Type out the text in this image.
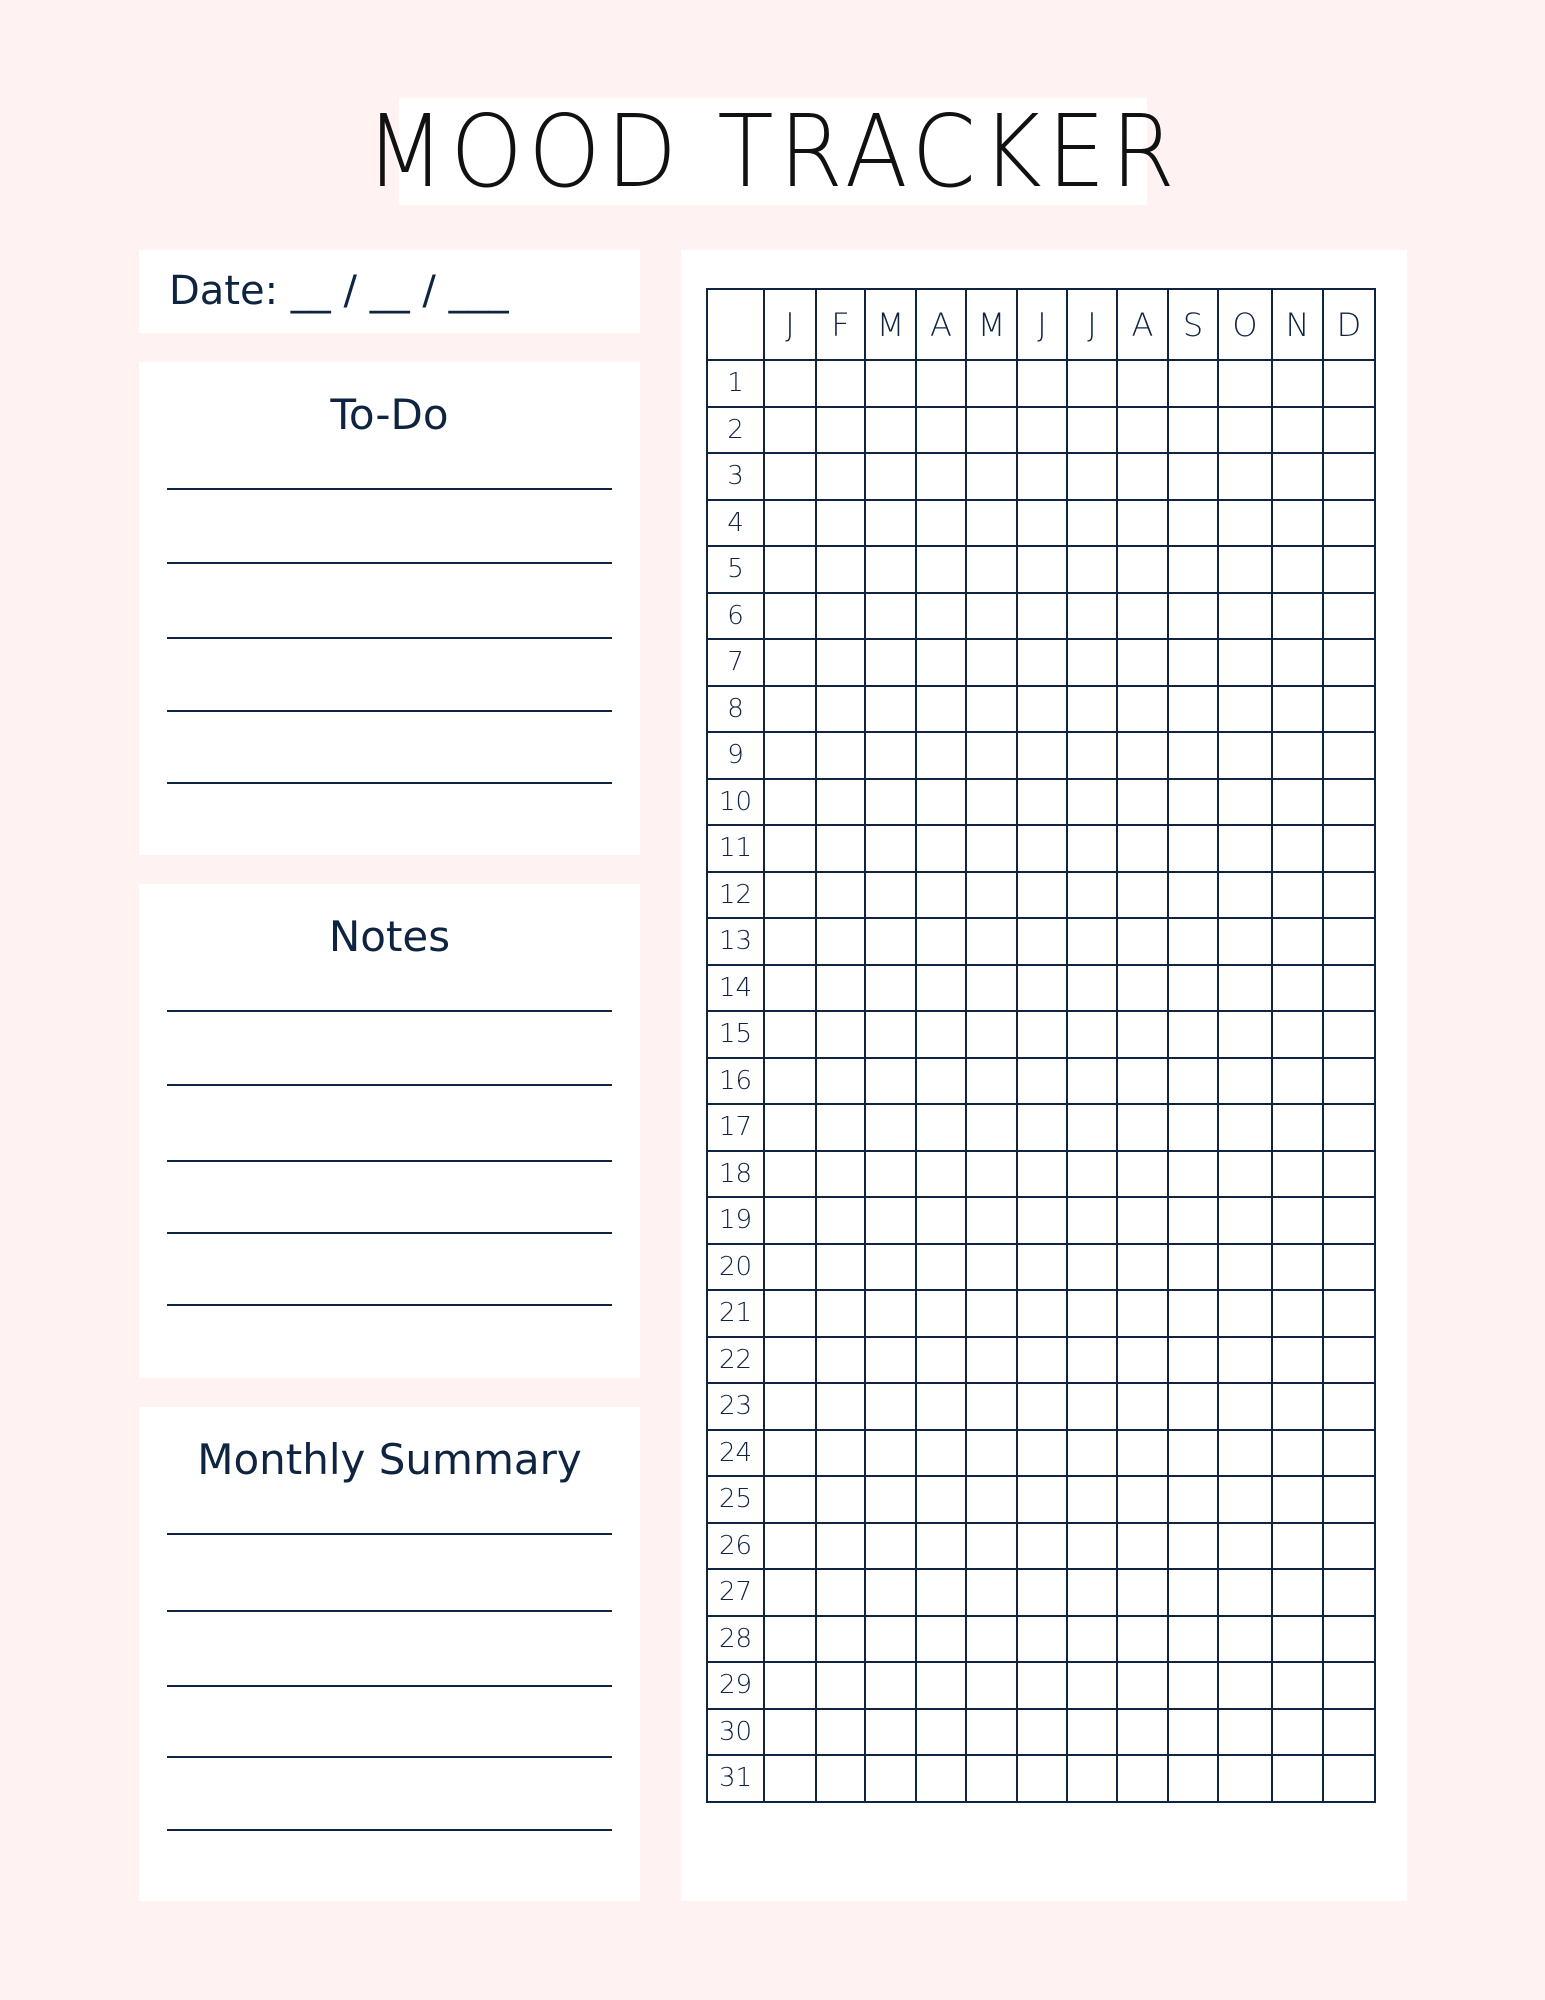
MOOD TRACKER
Date: __ / __ / ___
To-Do
Notes
Monthly Summary
	J	F	M	A	M	J	J	A	S	O	N	D
1												
2												
3												
4												
5												
6												
7												
8												
9												
10												
11												
12												
13												
14												
15												
16												
17												
18												
19												
20												
21												
22												
23												
24												
25												
26												
27												
28												
29												
30												
31												
